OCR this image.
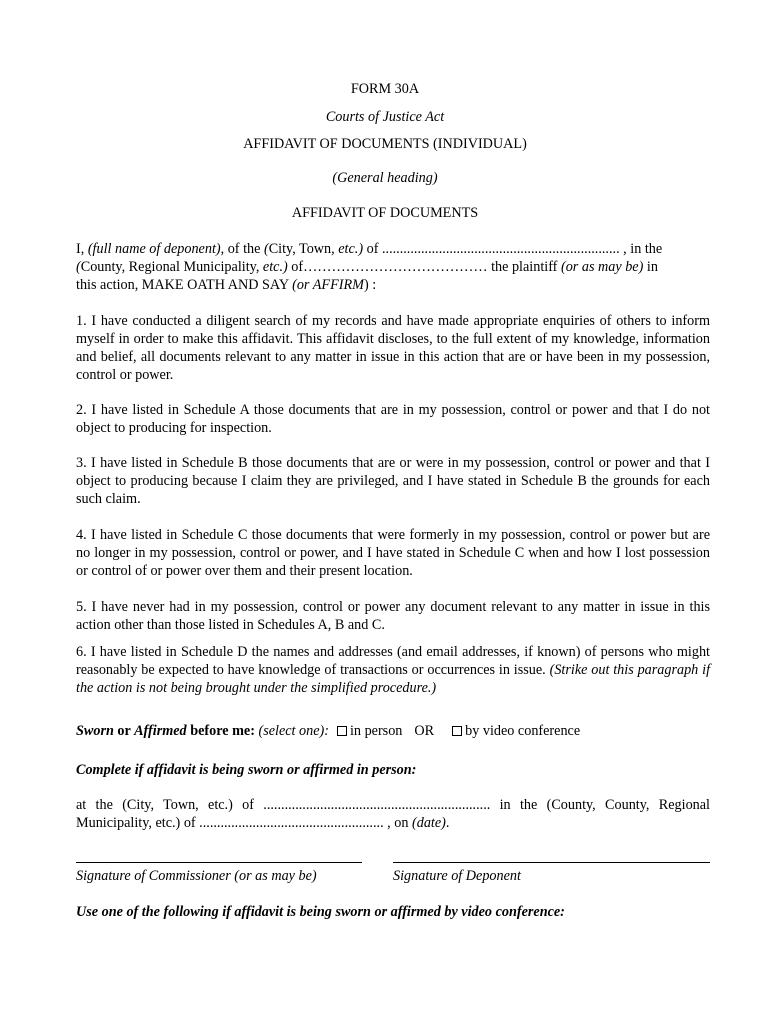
FORM 30A
Courts of Justice Act
AFFIDAVIT OF DOCUMENTS (INDIVIDUAL)
(General heading)
AFFIDAVIT OF DOCUMENTS

I, (full name of deponent), of the (City, Town, etc.) of ................................................................... , in the

(County, Regional Municipality, etc.) of………………………………… the plaintiff (or as may be) in

this action, MAKE OATH AND SAY (or AFFIRM) :

1. I have conducted a diligent search of my records and have made appropriate enquiries of others to inform myself in order to make this affidavit. This affidavit discloses, to the full extent of my knowledge, information and belief, all documents relevant to any matter in issue in this action that are or have been in my possession, control or power.
2. I have listed in Schedule A those documents that are in my possession, control or power and that I do not object to producing for inspection.
3. I have listed in Schedule B those documents that are or were in my possession, control or power and that I object to producing because I claim they are privileged, and I have stated in Schedule B the grounds for each such claim.
4. I have listed in Schedule C those documents that were formerly in my possession, control or power but are no longer in my possession, control or power, and I have stated in Schedule C when and how I lost possession or control of or power over them and their present location.
5. I have never had in my possession, control or power any document relevant to any matter in issue in this action other than those listed in Schedules A, B and C.
6. I have listed in Schedule D the names and addresses (and email addresses, if known) of persons who might reasonably be expected to have knowledge of transactions or occurrences in issue. (Strike out this paragraph if the action is not being brought under the simplified procedure.)
Sworn or Affirmed before me: (select one): in person OR by video conference
Complete if affidavit is being sworn or affirmed in person:

at the (City, Town, etc.) of ................................................................ in the (County, County, Regional

Municipality, etc.) of .................................................... , on (date).

Signature of Commissioner (or as may be)	Signature of Deponent
Use one of the following if affidavit is being sworn or affirmed by video conference:
